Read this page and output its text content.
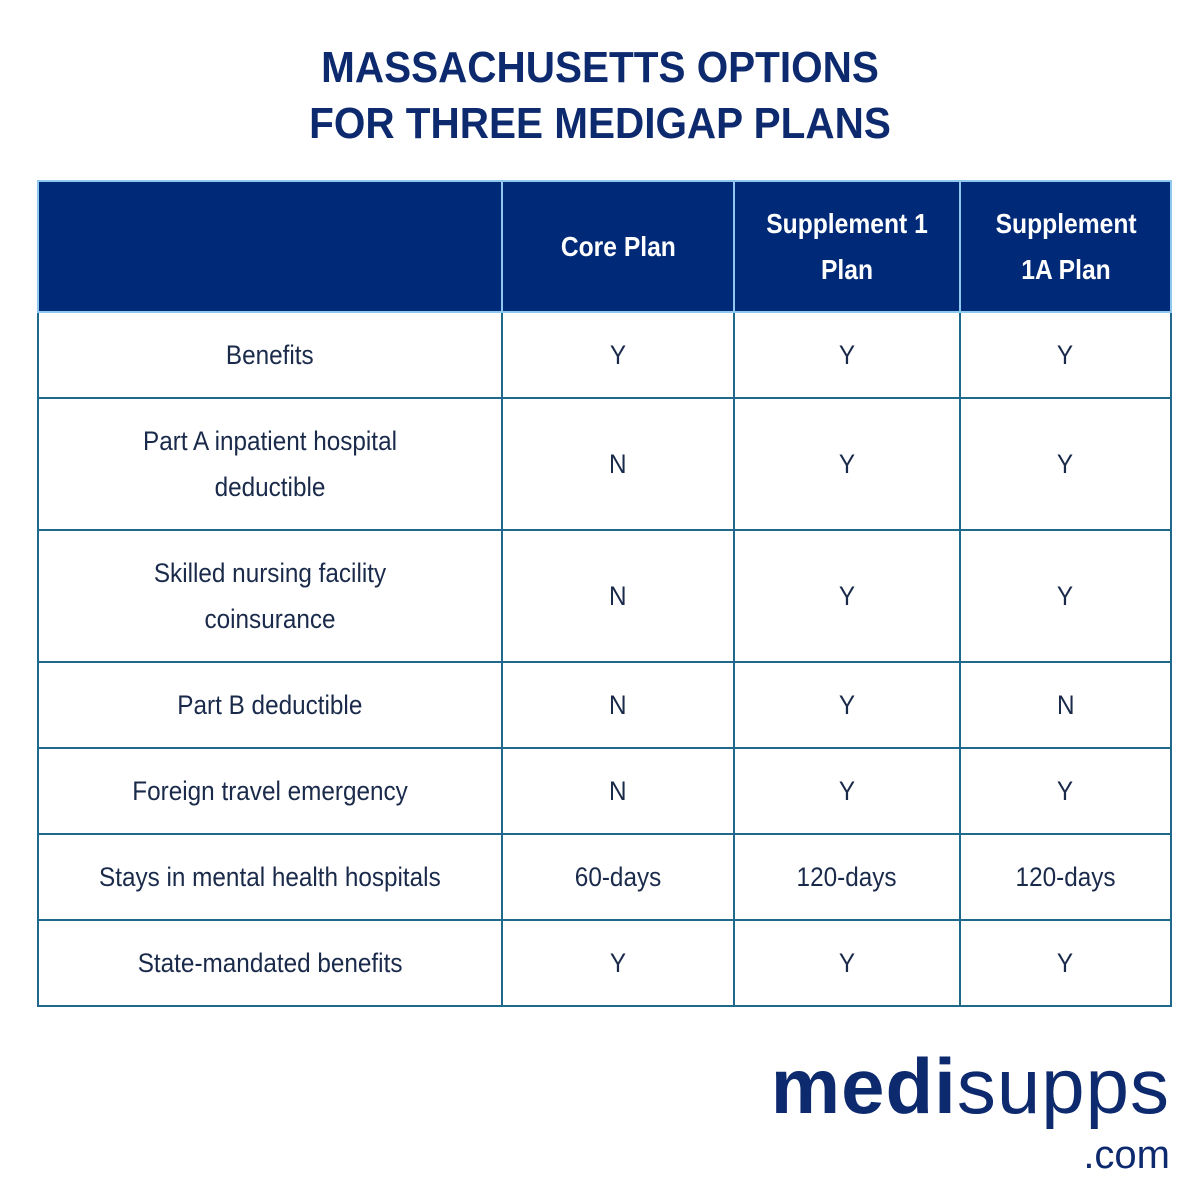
MASSACHUSETTS OPTIONS
FOR THREE MEDIGAP PLANS
	Core Plan	Supplement 1 Plan	Supplement 1A Plan
Benefits	Y	Y	Y
Part A inpatient hospital deductible	N	Y	Y
Skilled nursing facility coinsurance	N	Y	Y
Part B deductible	N	Y	N
Foreign travel emergency	N	Y	Y
Stays in mental health hospitals	60-days	120-days	120-days
State-mandated benefits	Y	Y	Y
medisupps
.com
